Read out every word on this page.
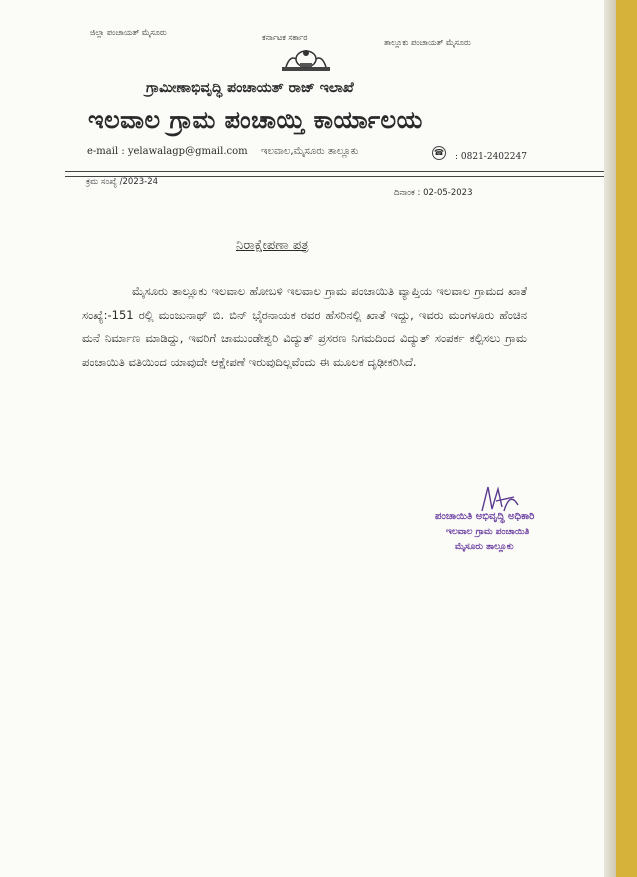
ಜಿಲ್ಲಾ ಪಂಚಾಯತ್ ಮೈಸೂರು
ಕರ್ನಾಟಕ ಸರ್ಕಾರ
ತಾಲ್ಲೂಕು ಪಂಚಾಯತ್ ಮೈಸೂರು
ಗ್ರಾಮೀಣಾಭಿವೃದ್ಧಿ ಪಂಚಾಯತ್ ರಾಜ್ ಇಲಾಖೆ
ಇಲವಾಲ ಗ್ರಾಮ ಪಂಚಾಯ್ತಿ ಕಾರ್ಯಾಲಯ
e-mail : yelawalagp@gmail.com ಇಲವಾಲ,ಮೈಸೂರು ತಾಲ್ಲೂಕು	☎ : 0821-2402247
ಕ್ರಮ ಸಂಖ್ಯೆ /2023-24
ದಿನಾಂಕ : 02-05-2023
ನಿರಾಕ್ಷೇಪಣಾ ಪತ್ರ
ಮೈಸೂರು ತಾಲ್ಲೂಕು ಇಲವಾಲ ಹೋಬಳಿ ಇಲವಾಲ ಗ್ರಾಮ ಪಂಚಾಯಿತಿ ವ್ಯಾಪ್ತಿಯ ಇಲವಾಲ ಗ್ರಾಮದ ಖಾತೆ ಸಂಖ್ಯೆ:-151 ರಲ್ಲಿ ಮಂಜುನಾಥ್ ಬಿ. ಬಿನ್ ಭೈರನಾಯಕ ರವರ ಹೆಸರಿನಲ್ಲಿ ಖಾತೆ ಇದ್ದು, ಇವರು ಮಂಗಳೂರು ಹೆಂಚಿನ ಮನೆ ನಿರ್ಮಾಣ ಮಾಡಿದ್ದು, ಇವರಿಗೆ ಚಾಮುಂಡೇಶ್ವರಿ ವಿದ್ಯುತ್ ಪ್ರಸರಣ ನಿಗಮದಿಂದ ವಿದ್ಯುತ್ ಸಂಪರ್ಕ ಕಲ್ಪಿಸಲು ಗ್ರಾಮ ಪಂಚಾಯಿತಿ ವತಿಯಿಂದ ಯಾವುದೇ ಆಕ್ಷೇಪಣೆ ಇರುವುದಿಲ್ಲವೆಂದು ಈ ಮೂಲಕ ದೃಢೀಕರಿಸಿದೆ.
ಪಂಚಾಯಿತಿ ಅಭಿವೃದ್ಧಿ ಅಧಿಕಾರಿ
ಇಲವಾಲ ಗ್ರಾಮ ಪಂಚಾಯಿತಿ
ಮೈಸೂರು ತಾಲ್ಲೂಕು
